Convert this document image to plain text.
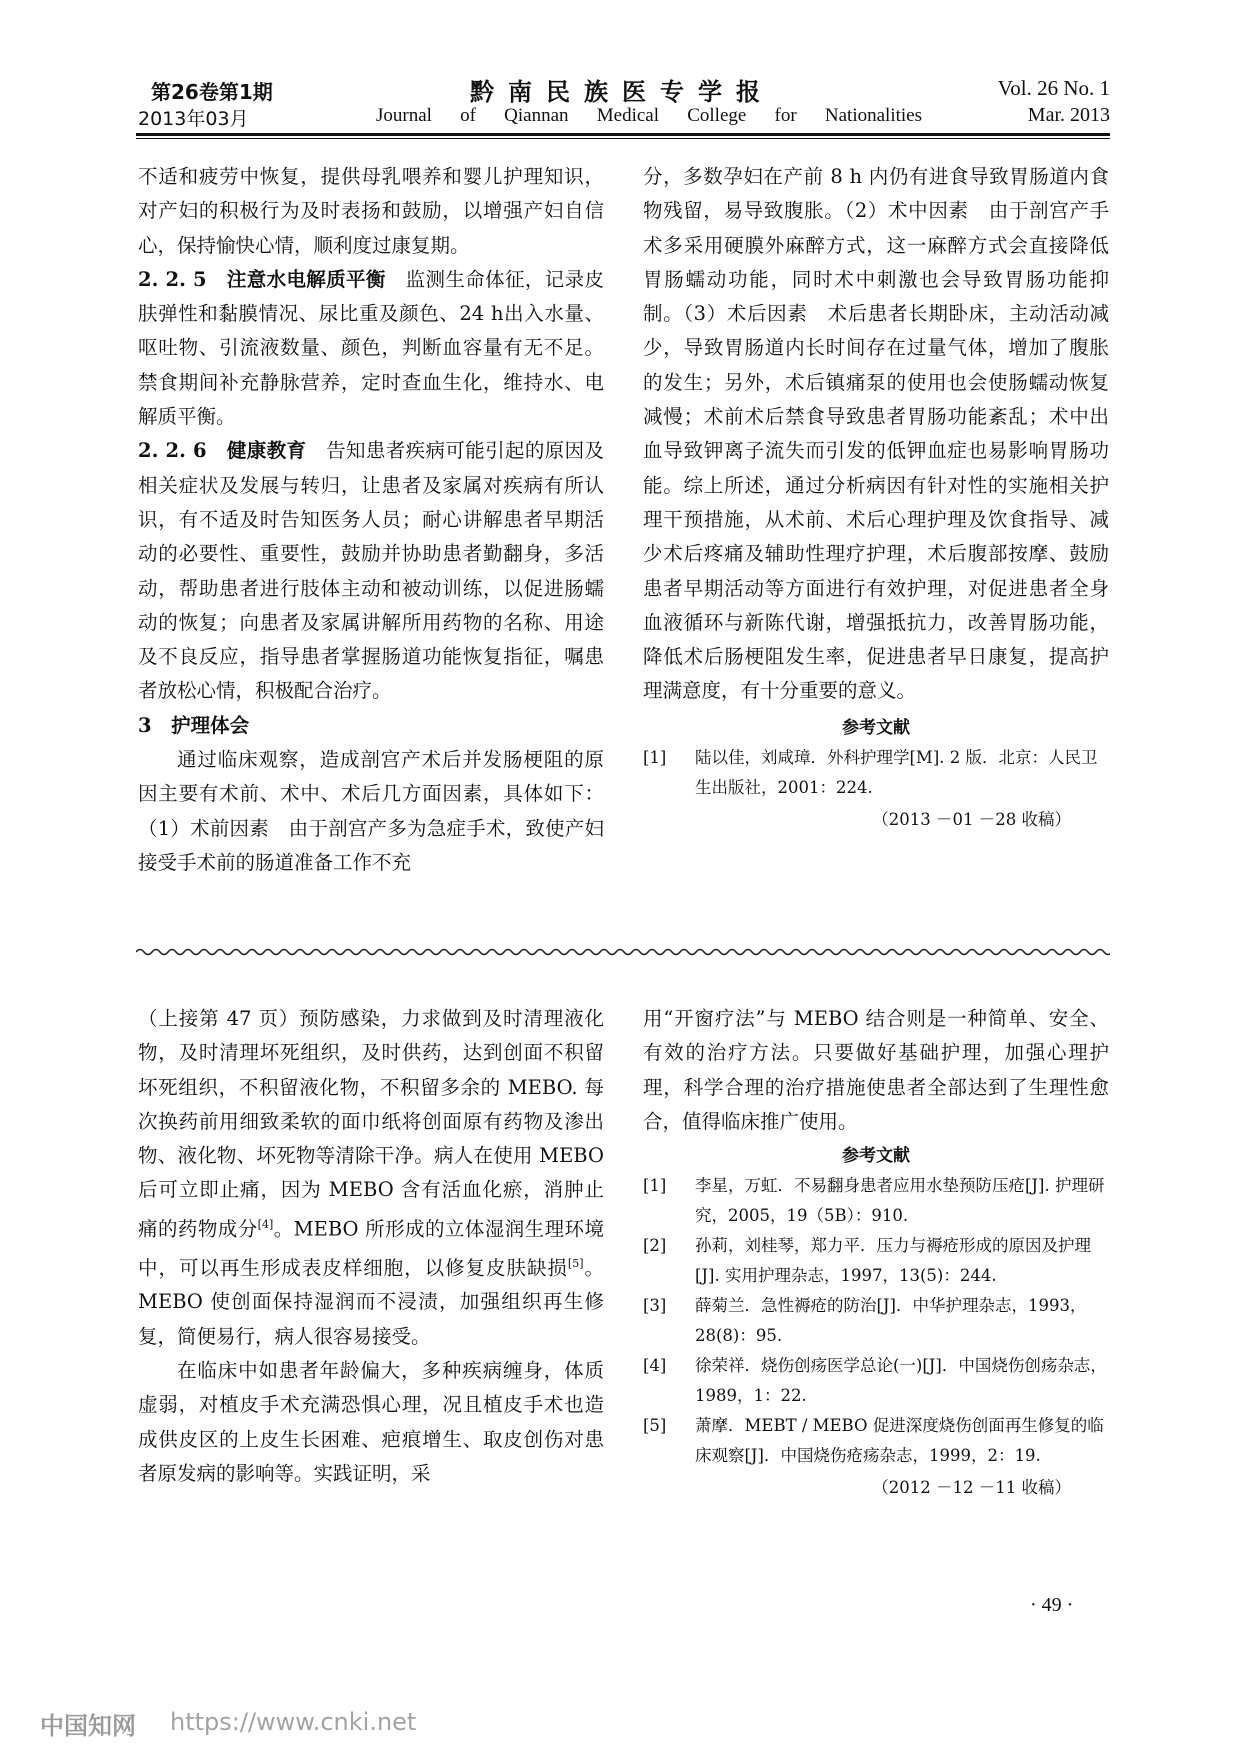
第26卷第1期
2013年03月
黔南民族医专学报
Journal of Qiannan Medical College for Nationalities
Vol. 26 No. 1
Mar. 2013

不适和疲劳中恢复，提供母乳喂养和婴儿护理知识，对产妇的积极行为及时表扬和鼓励，以增强产妇自信心，保持愉快心情，顺利度过康复期。

2. 2. 5　注意水电解质平衡　监测生命体征，记录皮肤弹性和黏膜情况、尿比重及颜色、24 h出入水量、呕吐物、引流液数量、颜色，判断血容量有无不足。禁食期间补充静脉营养，定时查血生化，维持水、电解质平衡。

2. 2. 6　健康教育　告知患者疾病可能引起的原因及相关症状及发展与转归，让患者及家属对疾病有所认识，有不适及时告知医务人员；耐心讲解患者早期活动的必要性、重要性，鼓励并协助患者勤翻身，多活动，帮助患者进行肢体主动和被动训练，以促进肠蠕动的恢复；向患者及家属讲解所用药物的名称、用途及不良反应，指导患者掌握肠道功能恢复指征，嘱患者放松心情，积极配合治疗。

3　护理体会

通过临床观察，造成剖宫产术后并发肠梗阻的原因主要有术前、术中、术后几方面因素，具体如下：（1）术前因素　由于剖宫产多为急症手术，致使产妇接受手术前的肠道准备工作不充

分，多数孕妇在产前 8 h 内仍有进食导致胃肠道内食物残留，易导致腹胀。（2）术中因素　由于剖宫产手术多采用硬膜外麻醉方式，这一麻醉方式会直接降低胃肠蠕动功能，同时术中刺激也会导致胃肠功能抑制。（3）术后因素　术后患者长期卧床，主动活动减少，导致胃肠道内长时间存在过量气体，增加了腹胀的发生；另外，术后镇痛泵的使用也会使肠蠕动恢复减慢；术前术后禁食导致患者胃肠功能紊乱；术中出血导致钾离子流失而引发的低钾血症也易影响胃肠功能。综上所述，通过分析病因有针对性的实施相关护理干预措施，从术前、术后心理护理及饮食指导、减少术后疼痛及辅助性理疗护理，术后腹部按摩、鼓励患者早期活动等方面进行有效护理，对促进患者全身血液循环与新陈代谢，增强抵抗力，改善胃肠功能，降低术后肠梗阻发生率，促进患者早日康复，提高护理满意度，有十分重要的意义。

参考文献
[1] 陆以佳，刘咸璋．外科护理学[M]. 2 版．北京：人民卫生出版社，2001：224.
（2013 －01 －28 收稿）

（上接第 47 页）预防感染，力求做到及时清理液化物，及时清理坏死组织，及时供药，达到创面不积留坏死组织，不积留液化物，不积留多余的 MEBO. 每次换药前用细致柔软的面巾纸将创面原有药物及渗出物、液化物、坏死物等清除干净。病人在使用 MEBO 后可立即止痛，因为 MEBO 含有活血化瘀，消肿止痛的药物成分[4]。MEBO 所形成的立体湿润生理环境中，可以再生形成表皮样细胞，以修复皮肤缺损[5]。MEBO 使创面保持湿润而不浸渍，加强组织再生修复，简便易行，病人很容易接受。

在临床中如患者年龄偏大，多种疾病缠身，体质虚弱，对植皮手术充满恐惧心理，况且植皮手术也造成供皮区的上皮生长困难、疤痕增生、取皮创伤对患者原发病的影响等。实践证明，采

用“开窗疗法”与 MEBO 结合则是一种简单、安全、有效的治疗方法。只要做好基础护理，加强心理护理，科学合理的治疗措施使患者全部达到了生理性愈合，值得临床推广使用。

参考文献
[1] 李星，万虹．不易翻身患者应用水垫预防压疮[J]. 护理研究，2005，19（5B）：910.
[2] 孙莉，刘桂琴，郑力平．压力与褥疮形成的原因及护理[J]. 实用护理杂志，1997，13(5)：244.
[3] 薛菊兰．急性褥疮的防治[J]．中华护理杂志，1993，28(8)：95.
[4] 徐荣祥．烧伤创疡医学总论(一)[J]．中国烧伤创疡杂志，1989，1：22.
[5] 萧摩．MEBT / MEBO 促进深度烧伤创面再生修复的临床观察[J]．中国烧伤疮疡杂志，1999，2：19.
（2012 －12 －11 收稿）
· 49 ·
中国知网 https://www.cnki.net
